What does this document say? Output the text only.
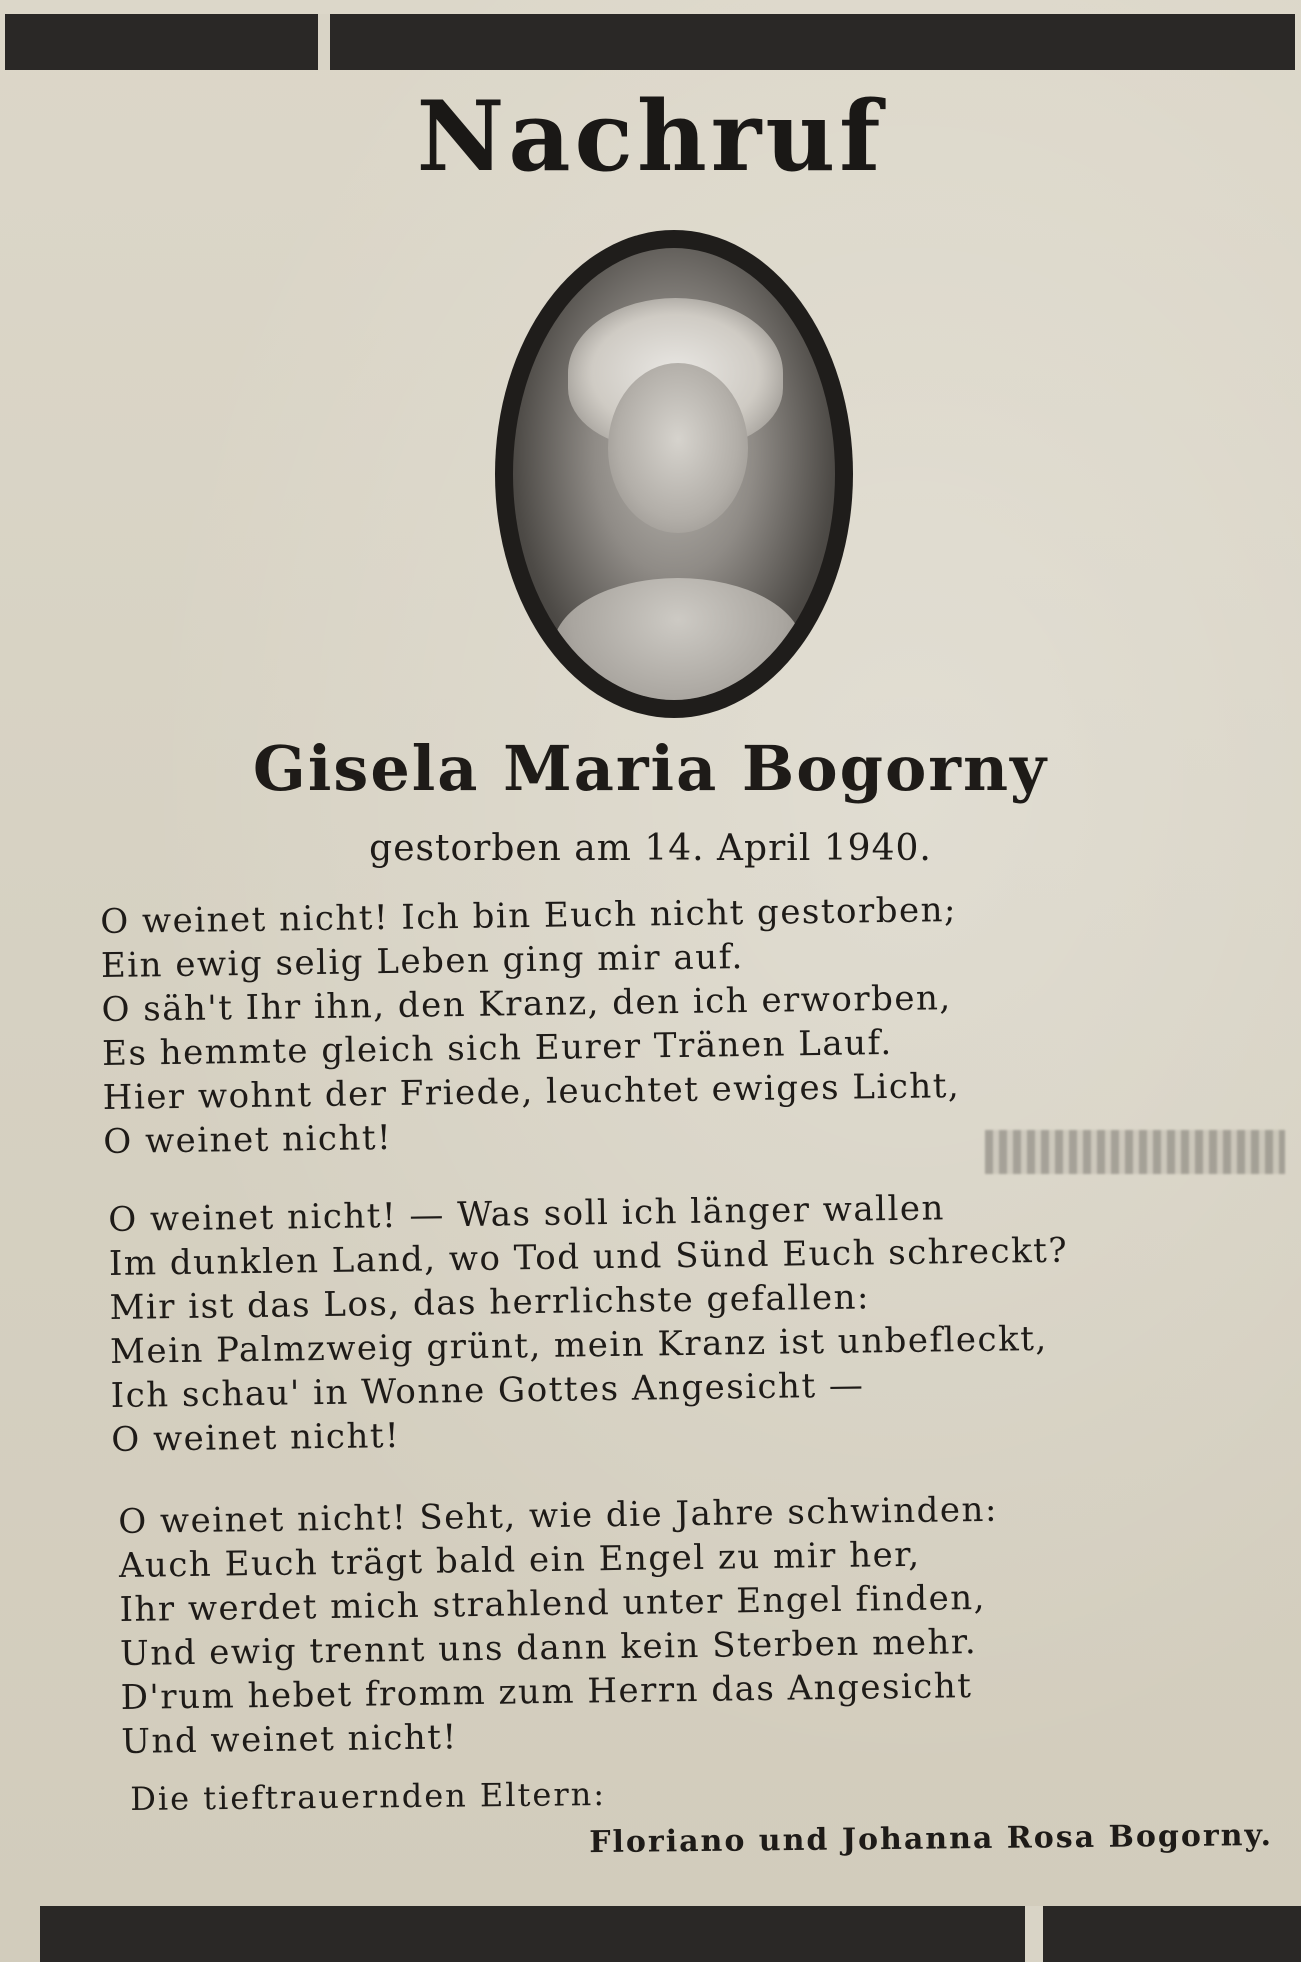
Nachruf
Gisela Maria Bogorny
gestorben am 14. April 1940.
O weinet nicht! Ich bin Euch nicht gestorben;
Ein ewig selig Leben ging mir auf.
O säh't Ihr ihn, den Kranz, den ich erworben,
Es hemmte gleich sich Eurer Tränen Lauf.
Hier wohnt der Friede, leuchtet ewiges Licht,
O weinet nicht!
O weinet nicht! — Was soll ich länger wallen
Im dunklen Land, wo Tod und Sünd Euch schreckt?
Mir ist das Los, das herrlichste gefallen:
Mein Palmzweig grünt, mein Kranz ist unbefleckt,
Ich schau' in Wonne Gottes Angesicht —
O weinet nicht!
O weinet nicht! Seht, wie die Jahre schwinden:
Auch Euch trägt bald ein Engel zu mir her,
Ihr werdet mich strahlend unter Engel finden,
Und ewig trennt uns dann kein Sterben mehr.
D'rum hebet fromm zum Herrn das Angesicht
Und weinet nicht!
Die tieftrauernden Eltern:
Floriano und Johanna Rosa Bogorny.
